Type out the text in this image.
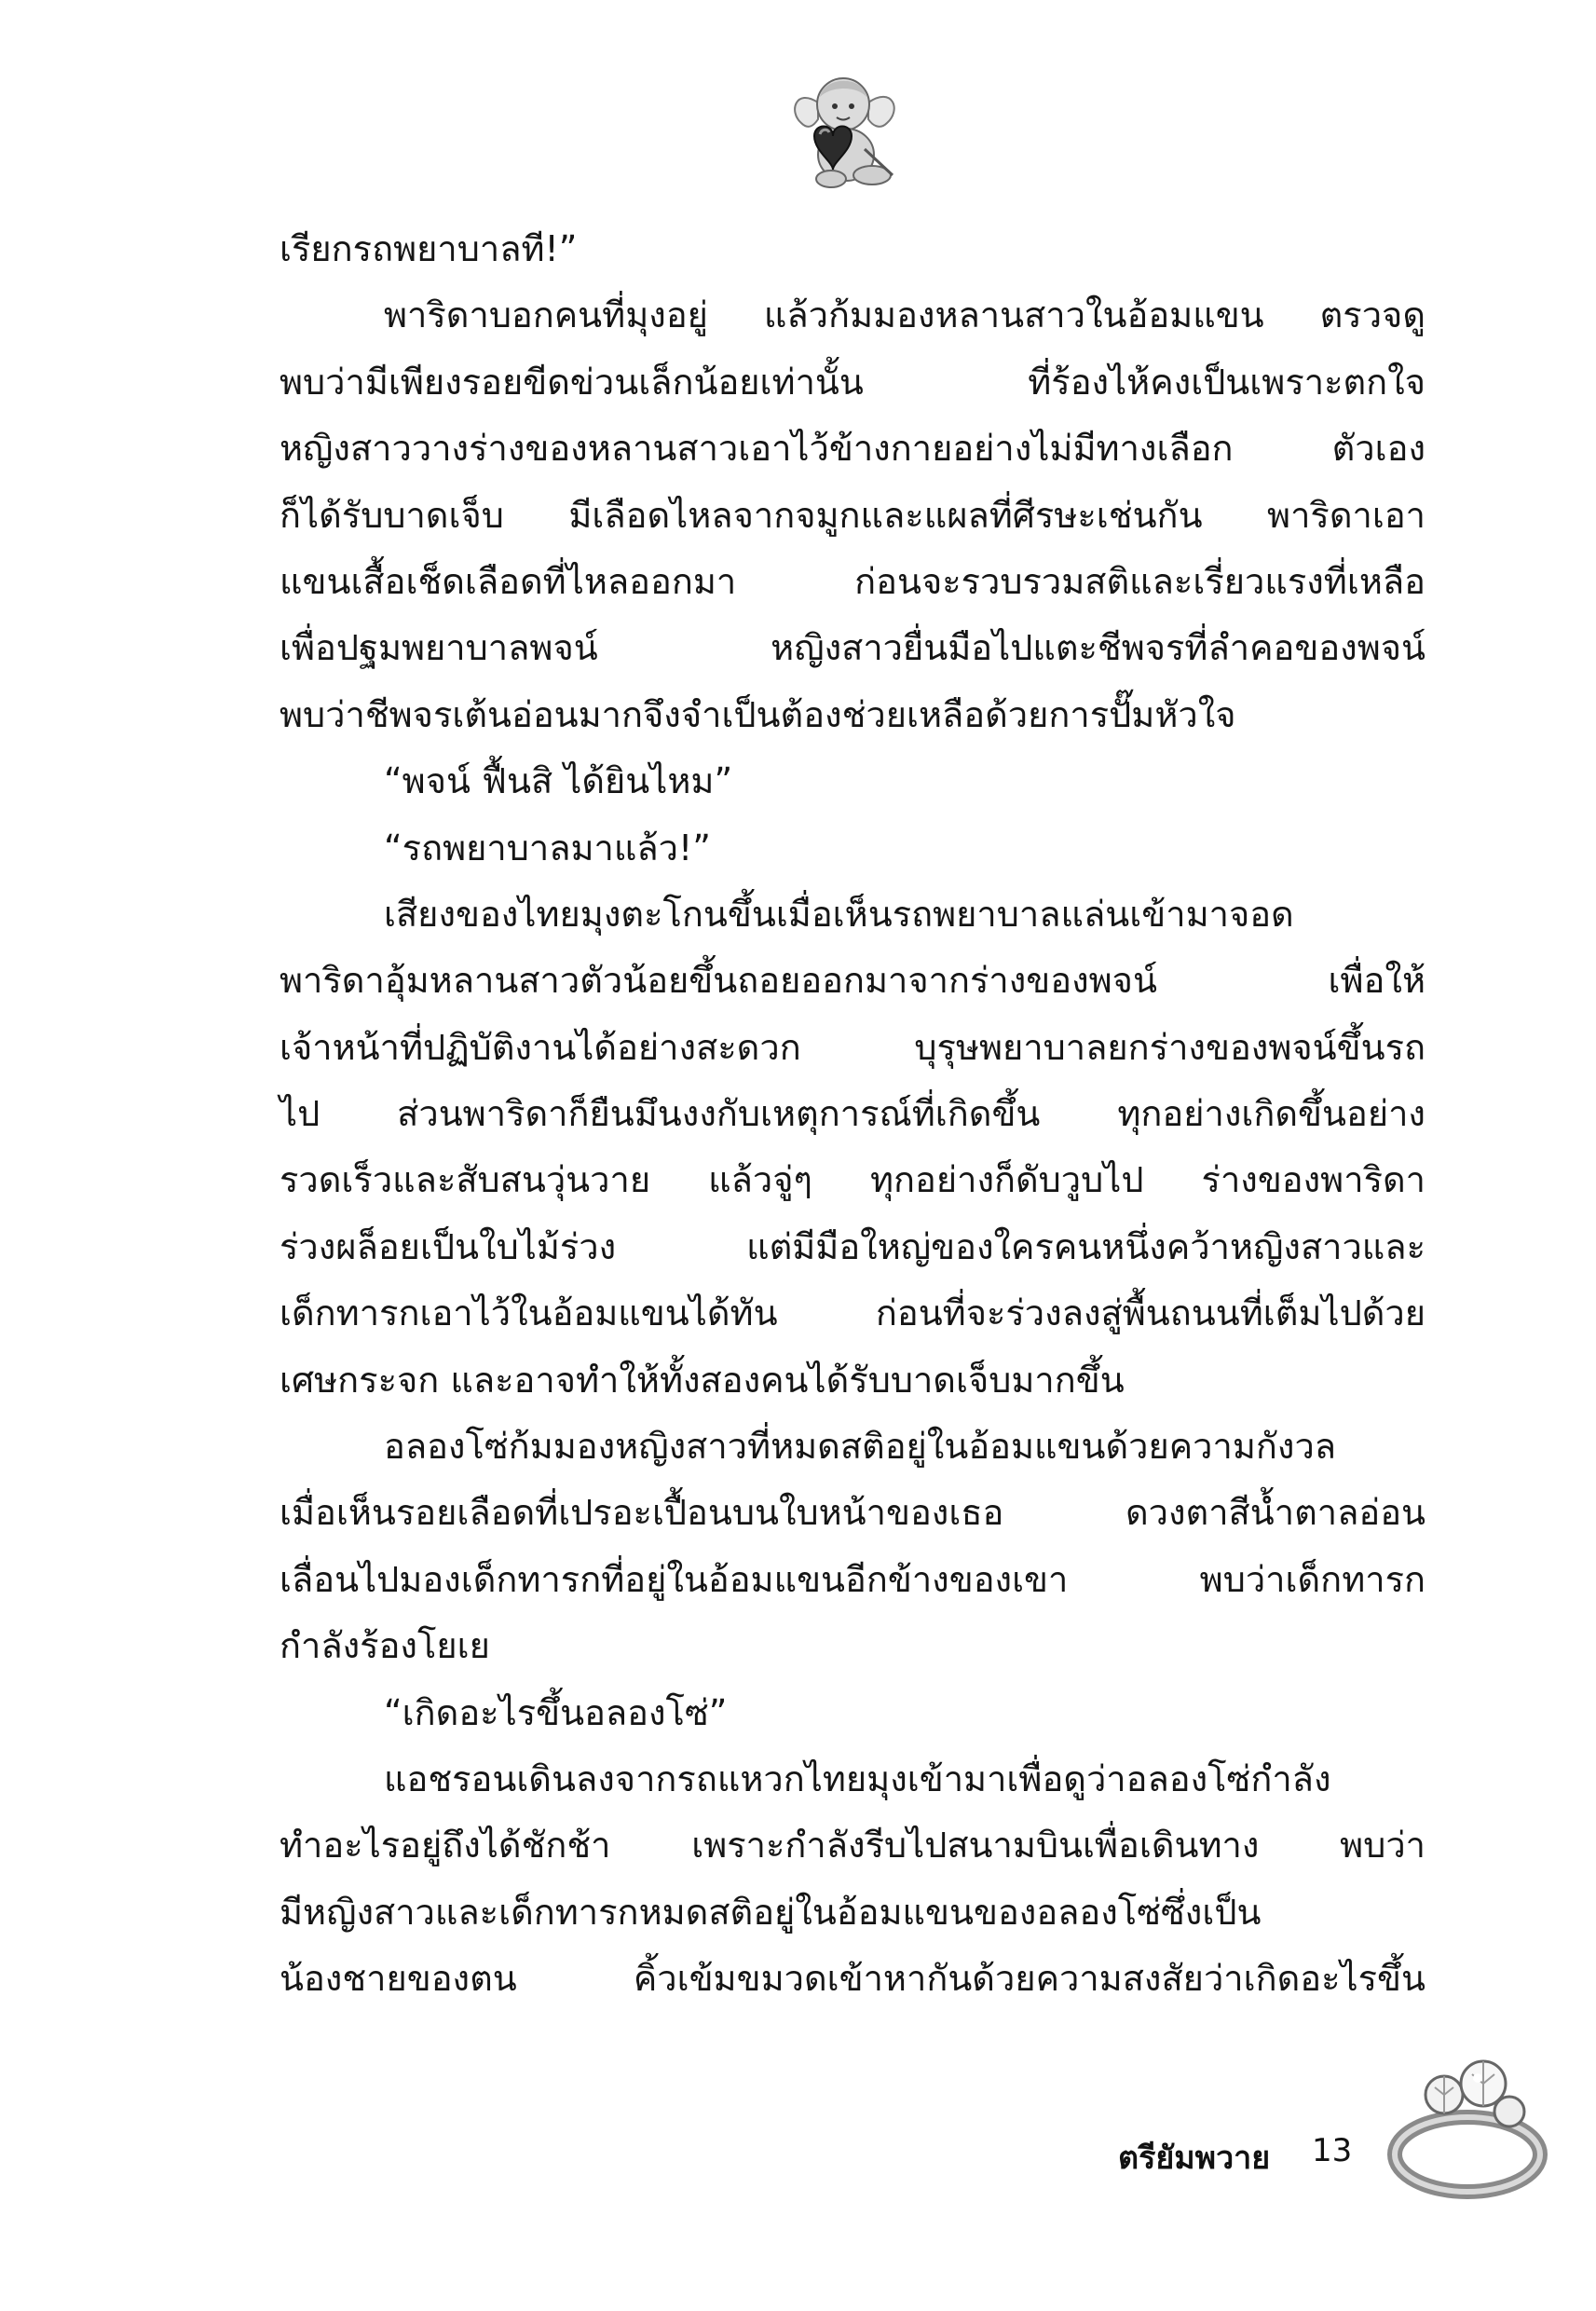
เรียกรถพยาบาลที!”
พาริดาบอกคนที่มุงอยู่ แล้วก้มมองหลานสาวในอ้อมแขน ตรวจดู
พบว่ามีเพียงรอยขีดข่วนเล็กน้อยเท่านั้น ที่ร้องไห้คงเป็นเพราะตกใจ
หญิงสาววางร่างของหลานสาวเอาไว้ข้างกายอย่างไม่มีทางเลือก ตัวเอง
ก็ได้รับบาดเจ็บ มีเลือดไหลจากจมูกและแผลที่ศีรษะเช่นกัน พาริดาเอา
แขนเสื้อเช็ดเลือดที่ไหลออกมา ก่อนจะรวบรวมสติและเรี่ยวแรงที่เหลือ
เพื่อปฐมพยาบาลพจน์ หญิงสาวยื่นมือไปแตะชีพจรที่ลำคอของพจน์
พบว่าชีพจรเต้นอ่อนมากจึงจำเป็นต้องช่วยเหลือด้วยการปั๊มหัวใจ
“พจน์ ฟื้นสิ ได้ยินไหม”
“รถพยาบาลมาแล้ว!”
เสียงของไทยมุงตะโกนขึ้นเมื่อเห็นรถพยาบาลแล่นเข้ามาจอด
พาริดาอุ้มหลานสาวตัวน้อยขึ้นถอยออกมาจากร่างของพจน์ เพื่อให้
เจ้าหน้าที่ปฏิบัติงานได้อย่างสะดวก บุรุษพยาบาลยกร่างของพจน์ขึ้นรถ
ไป ส่วนพาริดาก็ยืนมึนงงกับเหตุการณ์ที่เกิดขึ้น ทุกอย่างเกิดขึ้นอย่าง
รวดเร็วและสับสนวุ่นวาย แล้วจู่ๆ ทุกอย่างก็ดับวูบไป ร่างของพาริดา
ร่วงผล็อยเป็นใบไม้ร่วง แต่มีมือใหญ่ของใครคนหนึ่งคว้าหญิงสาวและ
เด็กทารกเอาไว้ในอ้อมแขนได้ทัน ก่อนที่จะร่วงลงสู่พื้นถนนที่เต็มไปด้วย
เศษกระจก และอาจทำให้ทั้งสองคนได้รับบาดเจ็บมากขึ้น
อลองโซ่ก้มมองหญิงสาวที่หมดสติอยู่ในอ้อมแขนด้วยความกังวล
เมื่อเห็นรอยเลือดที่เปรอะเปื้อนบนใบหน้าของเธอ ดวงตาสีน้ำตาลอ่อน
เลื่อนไปมองเด็กทารกที่อยู่ในอ้อมแขนอีกข้างของเขา พบว่าเด็กทารก
กำลังร้องโยเย
“เกิดอะไรขึ้นอลองโซ่”
แอชรอนเดินลงจากรถแหวกไทยมุงเข้ามาเพื่อดูว่าอลองโซ่กำลัง
ทำอะไรอยู่ถึงได้ชักช้า เพราะกำลังรีบไปสนามบินเพื่อเดินทาง พบว่า
มีหญิงสาวและเด็กทารกหมดสติอยู่ในอ้อมแขนของอลองโซ่ซึ่งเป็น
น้องชายของตน คิ้วเข้มขมวดเข้าหากันด้วยความสงสัยว่าเกิดอะไรขึ้น
ตรียัมพวาย 13
